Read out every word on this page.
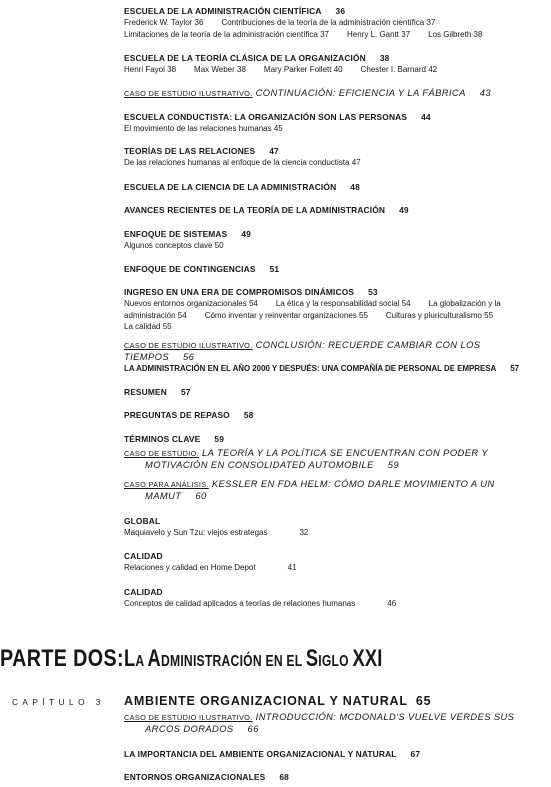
ESCUELA DE LA ADMINISTRACIÓN CIENTÍFICA 36
Frederick W. Taylor 36 Contribuciones de la teoría de la administración científica 37
Limitaciones de la teoría de la administración científica 37 Henry L. Gantt 37 Los Gilbreth 38
ESCUELA DE LA TEORÍA CLÁSICA DE LA ORGANIZACIÓN 38
Henri Fayol 38 Max Weber 38 Mary Parker Follett 40 Chester I. Barnard 42
CASO DE ESTUDIO ILUSTRATIVO. CONTINUACIÓN: EFICIENCIA Y LA FÁBRICA 43
ESCUELA CONDUCTISTA: LA ORGANIZACIÓN SON LAS PERSONAS 44
El movimiento de las relaciones humanas 45
TEORÍAS DE LAS RELACIONES 47
De las relaciones humanas al enfoque de la ciencia conductista 47
ESCUELA DE LA CIENCIA DE LA ADMINISTRACIÓN 48
AVANCES RECIENTES DE LA TEORÍA DE LA ADMINISTRACIÓN 49
ENFOQUE DE SISTEMAS 49
Algunos conceptos clave 50
ENFOQUE DE CONTINGENCIAS 51
INGRESO EN UNA ERA DE COMPROMISOS DINÁMICOS 53
Nuevos entornos organizacionales 54 La ética y la responsabilidad social 54 La globalización y la
administración 54 Cómo inventar y reinventar organizaciones 55 Culturas y pluriculturalismo 55
La calidad 55
CASO DE ESTUDIO ILUSTRATIVO. CONCLUSIÓN: RECUERDE CAMBIAR CON LOS TIEMPOS 56
LA ADMINISTRACIÓN EN EL AÑO 2000 Y DESPUÉS: UNA COMPAÑÍA DE PERSONAL DE EMPRESA 57
RESUMEN 57
PREGUNTAS DE REPASO 58
TÉRMINOS CLAVE 59
CASO DE ESTUDIO. LA TEORÍA Y LA POLÍTICA SE ENCUENTRAN CON PODER Y
MOTIVACIÓN EN CONSOLIDATED AUTOMOBILE 59
CASO PARA ANÁLISIS. KESSLER EN FDA HELM: CÓMO DARLE MOVIMIENTO A UN
MAMUT 60
GLOBAL
Maquiavelo y Sun Tzu: viejos estrategas	32
CALIDAD
Relaciones y calidad en Home Depot	41
CALIDAD
Conceptos de calidad aplicados a teorías de relaciones humanas	46
PARTE DOS: LA ADMINISTRACIÓN EN EL SIGLO XXI
CAPÍTULO 3 AMBIENTE ORGANIZACIONAL Y NATURAL 65
CASO DE ESTUDIO ILUSTRATIVO. INTRODUCCIÓN: MCDONALD'S VUELVE VERDES SUS
ARCOS DORADOS 66
LA IMPORTANCIA DEL AMBIENTE ORGANIZACIONAL Y NATURAL 67
ENTORNOS ORGANIZACIONALES 68
